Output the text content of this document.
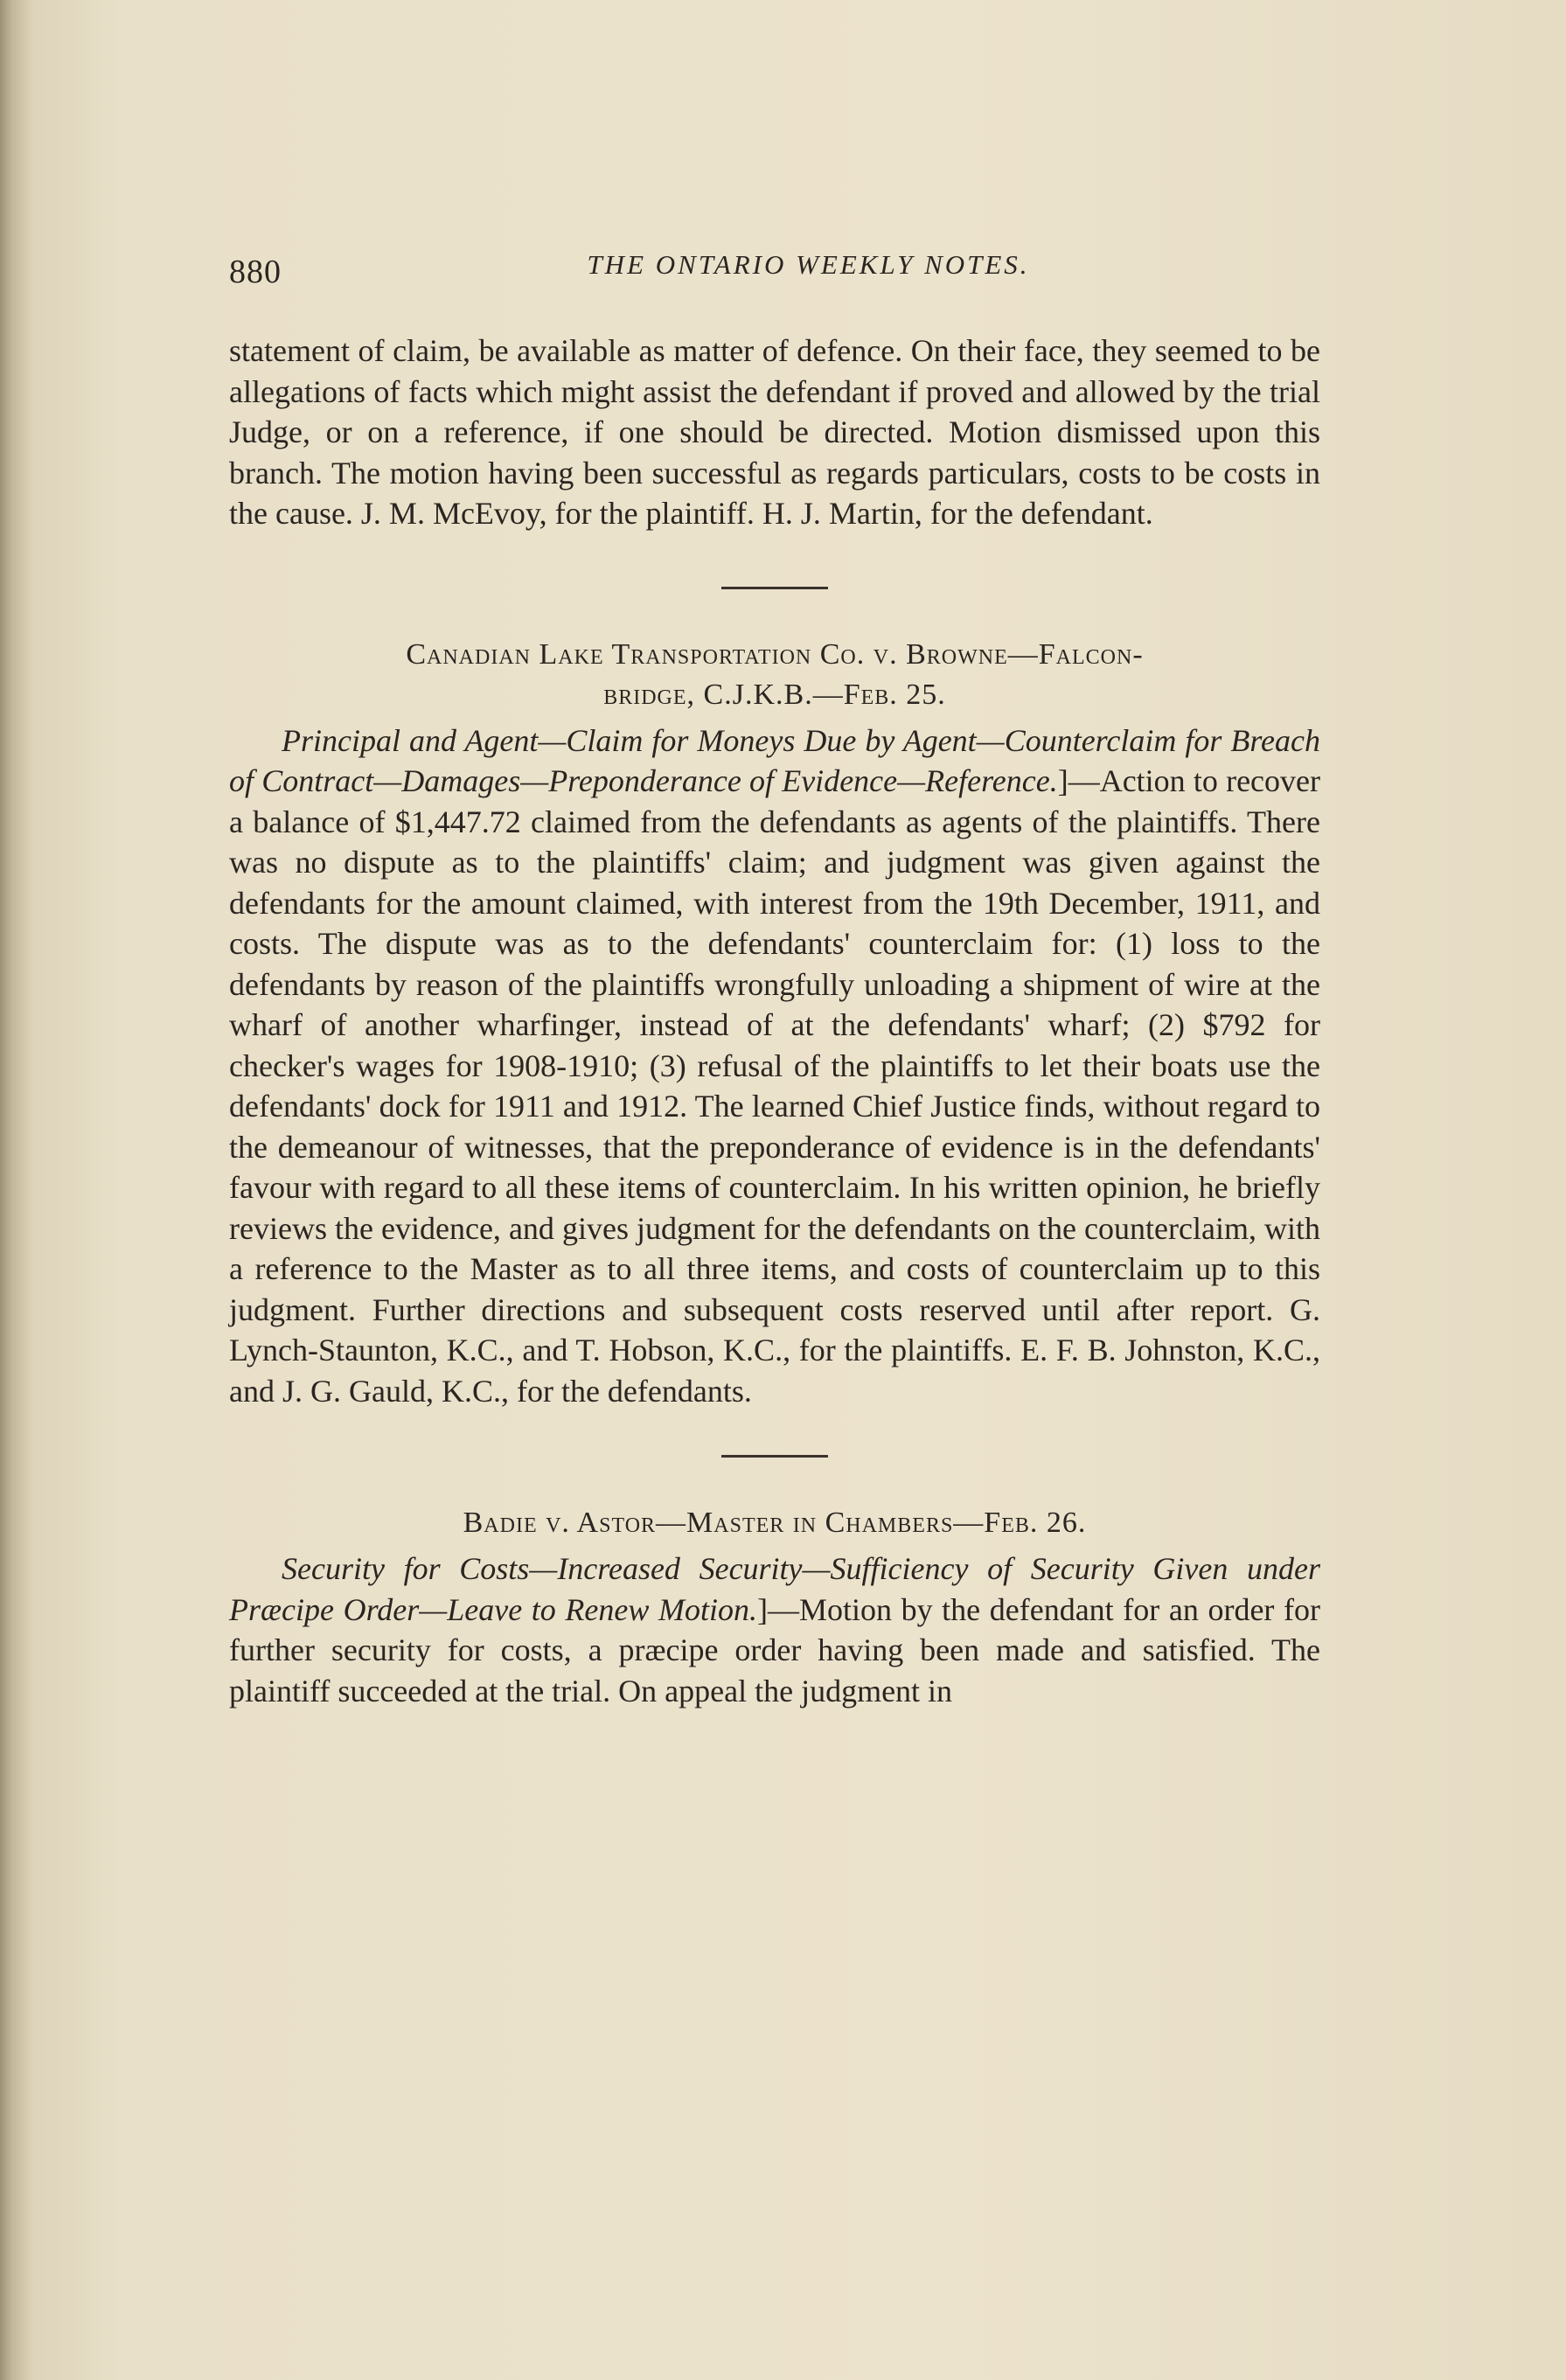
880	THE ONTARIO WEEKLY NOTES.

statement of claim, be available as matter of defence. On their face, they seemed to be allegations of facts which might assist the defendant if proved and allowed by the trial Judge, or on a reference, if one should be directed. Motion dismissed upon this branch. The motion having been successful as regards particulars, costs to be costs in the cause. J. M. McEvoy, for the plaintiff. H. J. Martin, for the defendant.

Canadian Lake Transportation Co. v. Browne—Falcon-
bridge, C.J.K.B.—Feb. 25.

Principal and Agent—Claim for Moneys Due by Agent—Counterclaim for Breach of Contract—Damages—Preponderance of Evidence—Reference.]—Action to recover a balance of $1,447.72 claimed from the defendants as agents of the plaintiffs. There was no dispute as to the plaintiffs' claim; and judgment was given against the defendants for the amount claimed, with interest from the 19th December, 1911, and costs. The dispute was as to the defendants' counterclaim for: (1) loss to the defendants by reason of the plaintiffs wrongfully unloading a shipment of wire at the wharf of another wharfinger, instead of at the defendants' wharf; (2) $792 for checker's wages for 1908-1910; (3) refusal of the plaintiffs to let their boats use the defendants' dock for 1911 and 1912. The learned Chief Justice finds, without regard to the demeanour of witnesses, that the preponderance of evidence is in the defendants' favour with regard to all these items of counterclaim. In his written opinion, he briefly reviews the evidence, and gives judgment for the defendants on the counterclaim, with a reference to the Master as to all three items, and costs of counterclaim up to this judgment. Further directions and subsequent costs reserved until after report. G. Lynch-Staunton, K.C., and T. Hobson, K.C., for the plaintiffs. E. F. B. Johnston, K.C., and J. G. Gauld, K.C., for the defendants.

Badie v. Astor—Master in Chambers—Feb. 26.

Security for Costs—Increased Security—Sufficiency of Security Given under Præcipe Order—Leave to Renew Motion.]—Motion by the defendant for an order for further security for costs, a præcipe order having been made and satisfied. The plaintiff succeeded at the trial. On appeal the judgment in
